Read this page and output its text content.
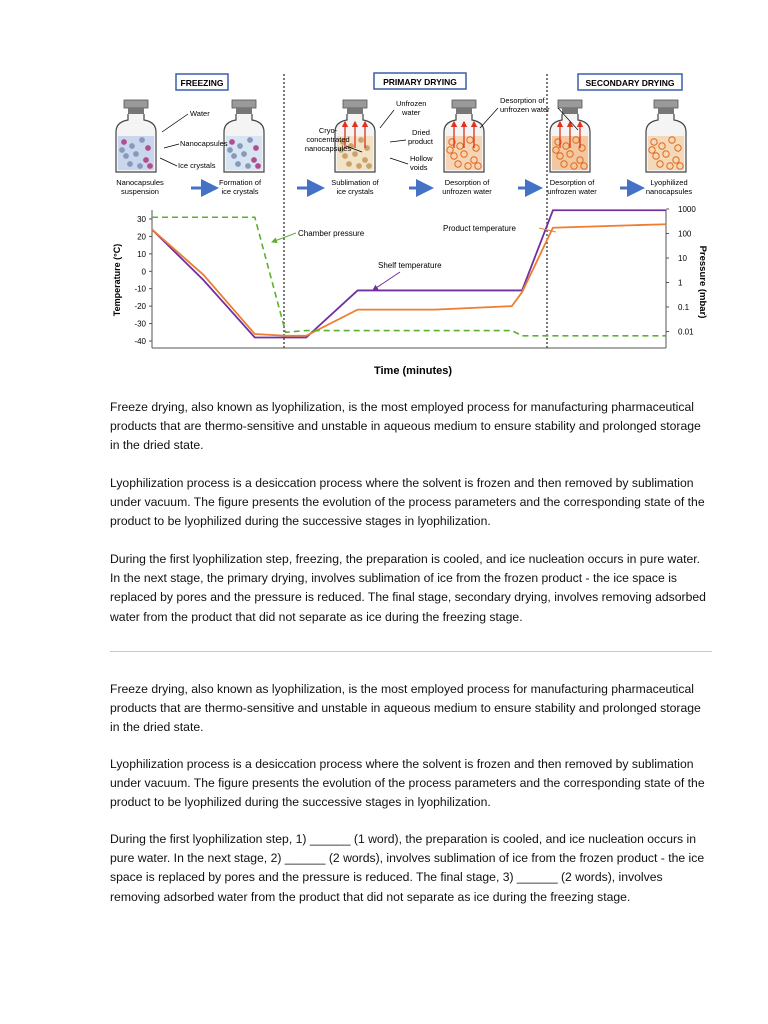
FREEZING	PRIMARY DRYING	SECONDARY DRYING
Water
Nanocapsules
Ice crystals
Cryo-
concentrated
nanocapsules
Unfrozen
water
Dried
product
Hollow
voids
Desorption of
unfrozen water
Nanocapsules
suspension
Formation of
ice crystals
Sublimation of
ice crystals
Desorption of
unfrozen water
Desorption of
unfrozen water
Lyophilized
nanocapsules
30
20
10
0
-10
-20
-30
-40
1000
100
10
1
0.1
0.01
Temperature (°C)	Pressure (mbar)
Time (minutes)
Chamber pressure
Product temperature
Shelf temperature

Freeze drying, also known as lyophilization, is the most employed process for manufacturing pharmaceutical products that are thermo-sensitive and unstable in aqueous medium to ensure stability and prolonged storage in the dried state.

Lyophilization process is a desiccation process where the solvent is frozen and then removed by sublimation under vacuum. The figure presents the evolution of the process parameters and the corresponding state of the product to be lyophilized during the successive stages in lyophilization.

During the first lyophilization step, freezing, the preparation is cooled, and ice nucleation occurs in pure water. In the next stage, the primary drying, involves sublimation of ice from the frozen product - the ice space is replaced by pores and the pressure is reduced. The final stage, secondary drying, involves removing adsorbed water from the product that did not separate as ice during the freezing stage.

Freeze drying, also known as lyophilization, is the most employed process for manufacturing pharmaceutical products that are thermo-sensitive and unstable in aqueous medium to ensure stability and prolonged storage in the dried state.

Lyophilization process is a desiccation process where the solvent is frozen and then removed by sublimation under vacuum. The figure presents the evolution of the process parameters and the corresponding state of the product to be lyophilized during the successive stages in lyophilization.

During the first lyophilization step, 1) ______ (1 word), the preparation is cooled, and ice nucleation occurs in pure water. In the next stage, 2) ______ (2 words), involves sublimation of ice from the frozen product - the ice space is replaced by pores and the pressure is reduced. The final stage, 3) ______ (2 words), involves removing adsorbed water from the product that did not separate as ice during the freezing stage.
